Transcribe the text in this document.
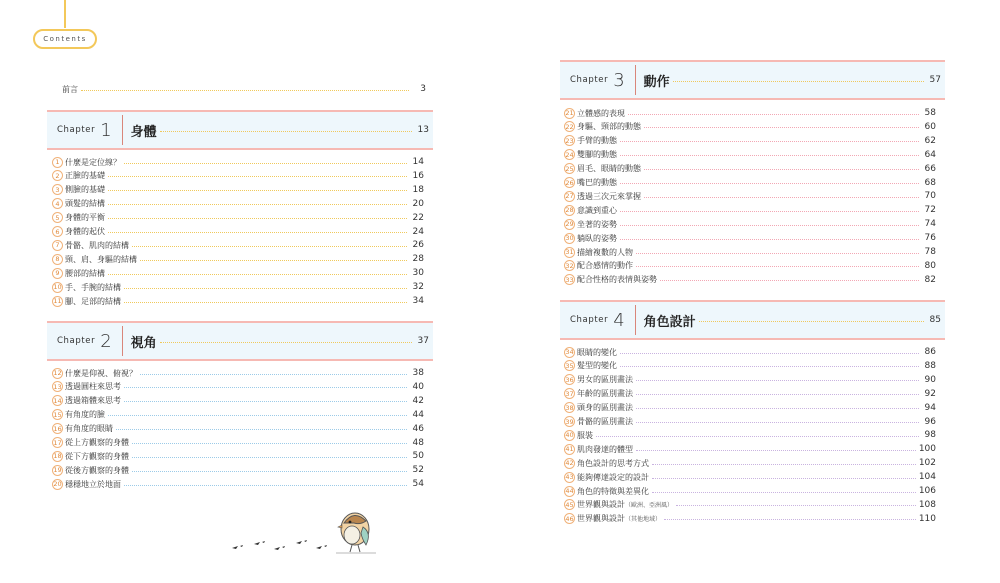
Contents
前言	3
Chapter 1 身體	13
1 什麼是定位線？	14
2 正臉的基礎	16
3 側臉的基礎	18
4 頭髮的結構	20
5 身體的平衡	22
6 身體的起伏	24
7 骨骼、肌肉的結構	26
8 頸、肩、身驅的結構	28
9 腰部的結構	30
10 手、手腕的結構	32
11 腳、足部的結構	34
Chapter 2 視角	37
12 什麼是仰視、俯視？	38
13 透過圓柱來思考	40
14 透過箱體來思考	42
15 有角度的臉	44
16 有角度的眼睛	46
17 從上方觀察的身體	48
18 從下方觀察的身體	50
19 從後方觀察的身體	52
20 穩穩地立於地面	54
Chapter 3 動作	57
21 立體感的表現	58
22 身驅、頸部的動態	60
23 手臂的動態	62
24 雙腳的動態	64
25 眉毛、眼睛的動態	66
26 嘴巴的動態	68
27 透過三次元來掌握	70
28 意識到重心	72
29 坐著的姿勢	74
30 躺臥的姿勢	76
31 描繪複數的人物	78
32 配合感情的動作	80
33 配合性格的表情與姿勢	82
Chapter 4 角色設計	85
34 眼睛的變化	86
35 髮型的變化	88
36 男女的區別畫法	90
37 年齡的區別畫法	92
38 頭身的區別畫法	94
39 骨骼的區別畫法	96
40 服裝	98
41 肌肉發達的體型	100
42 角色設計的思考方式	102
43 能夠傳達設定的設計	104
44 角色的特徵與差異化	106
45 世界觀與設計（歐洲、亞洲風）	108
46 世界觀與設計（其他地域）	110
